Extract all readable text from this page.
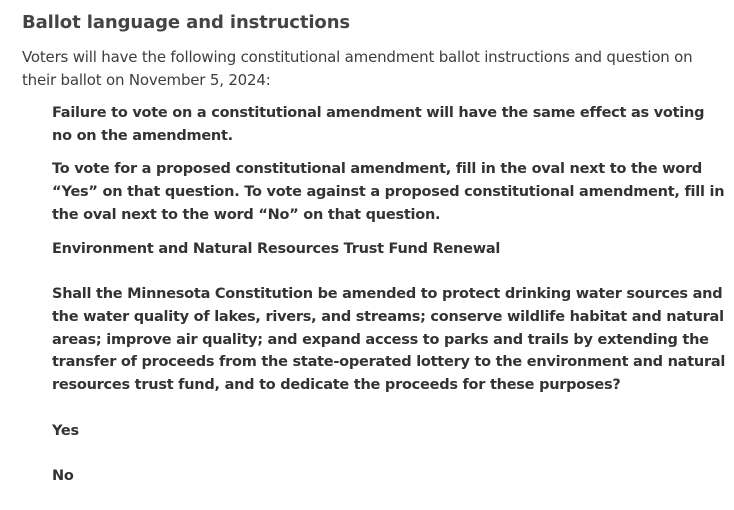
Ballot language and instructions

Voters will have the following constitutional amendment ballot instructions and question on their ballot on November 5, 2024:

Failure to vote on a constitutional amendment will have the same effect as voting no on the amendment.

To vote for a proposed constitutional amendment, fill in the oval next to the word “Yes” on that question. To vote against a proposed constitutional amendment, fill in the oval next to the word “No” on that question.

Environment and Natural Resources Trust Fund Renewal

Shall the Minnesota Constitution be amended to protect drinking water sources and the water quality of lakes, rivers, and streams; conserve wildlife habitat and natural areas; improve air quality; and expand access to parks and trails by extending the transfer of proceeds from the state-operated lottery to the environment and natural resources trust fund, and to dedicate the proceeds for these purposes?

Yes

No
